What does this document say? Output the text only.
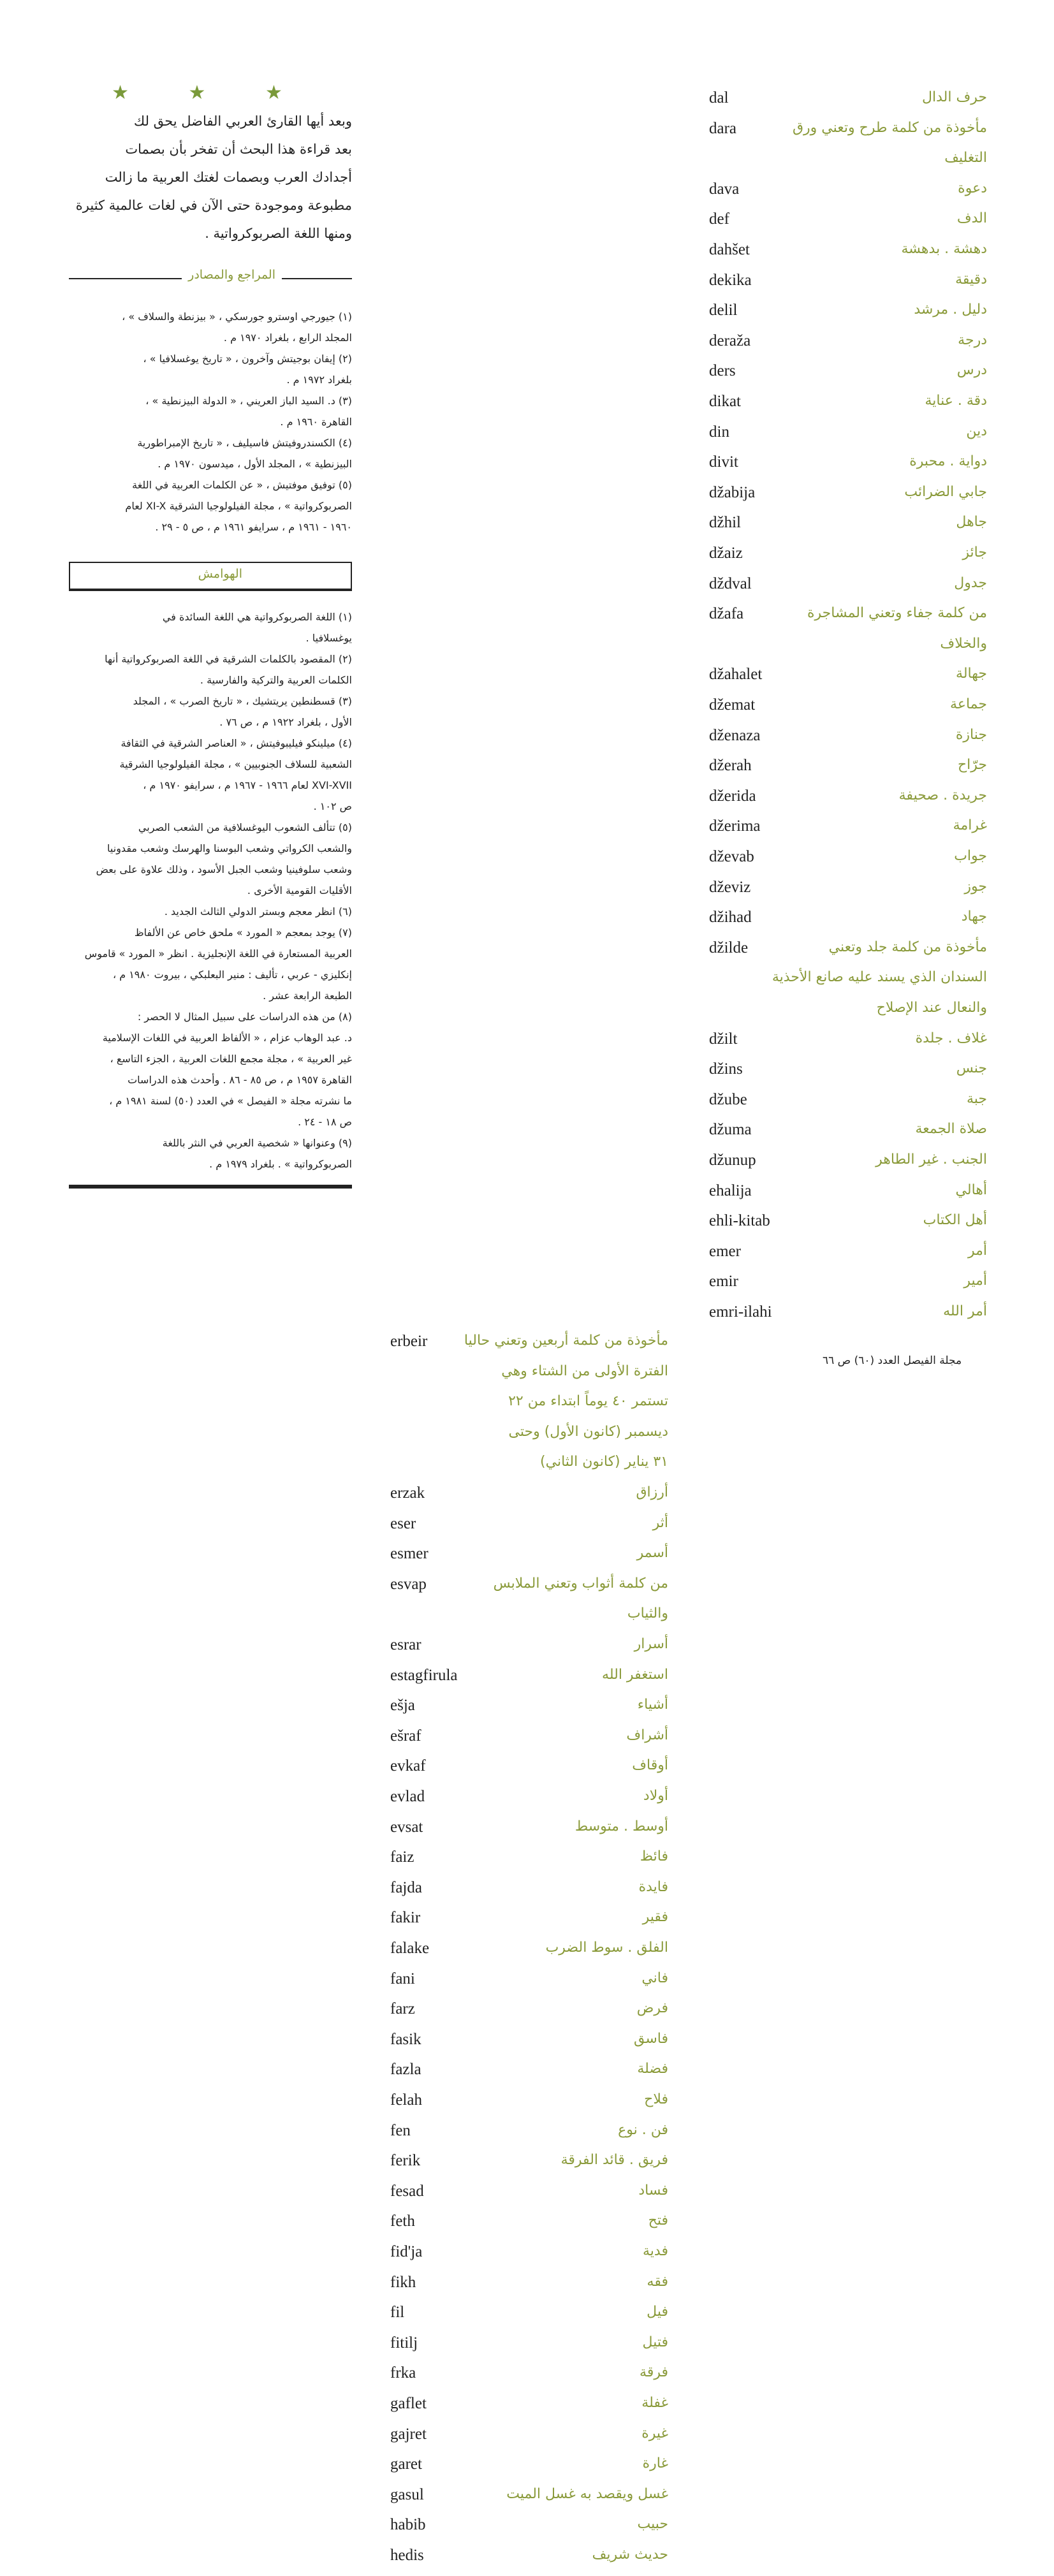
dal	حرف الدال
dara	مأخوذة من كلمة طرح وتعني ورق
التغليف
dava	دعوة
def	الدف
dahšet	دهشة . بدهشة
dekika	دقيقة
delil	دليل . مرشد
deraža	درجة
ders	درس
dikat	دقة . عناية
din	دين
divit	دواية . محبرة
džabija	جابي الضرائب
džhil	جاهل
džaiz	جائز
dždval	جدول
džafa	من كلمة جفاء وتعني المشاجرة
والخلاف
džahalet	جهالة
džemat	جماعة
dženaza	جنازة
džerah	جرّاح
džerida	جريدة . صحيفة
džerima	غرامة
dževab	جواب
dževiz	جوز
džihad	جهاد
džilde	مأخوذة من كلمة جلد وتعني
السندان الذي يسند عليه صانع الأحذية
والنعال عند الإصلاح
džilt	غلاف . جلدة
džins	جنس
džube	جبة
džuma	صلاة الجمعة
džunup	الجنب . غير الطاهر
ehalija	أهالي
ehli-kitab	أهل الكتاب
emer	أمر
emir	أمير
emri-ilahi	أمر الله
erbeir	مأخوذة من كلمة أربعين وتعني حاليا
الفترة الأولى من الشتاء وهي
تستمر ٤٠ يوماً ابتداء من ٢٢
ديسمبر (كانون الأول) وحتى
٣١ يناير (كانون الثاني)
erzak	أرزاق
eser	أثر
esmer	أسمر
esvap	من كلمة أثواب وتعني الملابس
والثياب
esrar	أسرار
estagfirula	استغفر الله
ešja	أشياء
ešraf	أشراف
evkaf	أوقاف
evlad	أولاد
evsat	أوسط . متوسط
faiz	فائظ
fajda	فايدة
fakir	فقير
falake	الفلق . سوط الضرب
fani	فاني
farz	فرض
fasik	فاسق
fazla	فضلة
felah	فلاح
fen	فن . نوع
ferik	فريق . قائد الفرقة
fesad	فساد
feth	فتح
fid'ja	فدية
fikh	فقه
fil	فيل
fitilj	فتيل
frka	فرقة
gaflet	غفلة
gajret	غيرة
garet	غارة
gasul	غسل ويقصد به غسل الميت
habib	حبيب
hedis	حديث شريف
★ ★ ★

وبعد أيها القارئ العربي الفاضل يحق لك

بعد قراءة هذا البحث أن تفخر بأن بصمات

أجدادك العرب وبصمات لغتك العربية ما زالت

مطبوعة وموجودة حتى الآن في لغات عالمية كثيرة

ومنها اللغة الصربوكرواتية .

المراجع والمصادر

(١) جيورجي اوسترو جورسكي ، « بيزنطة والسلاف » ،

المجلد الرابع ، بلغراد ١٩٧٠ م .

(٢) إيفان بوجيتش وآخرون ، « تاريخ يوغسلافيا » ،

بلغراد ١٩٧٢ م .

(٣) د. السيد الباز العريني ، « الدولة البيزنطية » ،

القاهرة ١٩٦٠ م .

(٤) الكسندروفيتش فاسيليف ، « تاريخ الإمبراطورية

البيزنطية » ، المجلد الأول ، ميدسون ١٩٧٠ م .

(٥) توفيق موفتيش ، « عن الكلمات العربية في اللغة

الصربوكرواتية » ، مجلة الفيلولوجيا الشرقية XI-X لعام

١٩٦٠ - ١٩٦١ م ، سرايفو ١٩٦١ م ، ص ٥ - ٢٩ .

الهوامش

(١) اللغة الصربوكرواتية هي اللغة السائدة في

يوغسلافيا .

(٢) المقصود بالكلمات الشرقية في اللغة الصربوكرواتية أنها

الكلمات العربية والتركية والفارسية .

(٣) قسطنطين يريتشيك ، « تاريخ الصرب » ، المجلد

الأول ، بلغراد ١٩٢٢ م ، ص ٧٦ .

(٤) ميلينكو فيليبوفيتش ، « العناصر الشرقية في الثقافة

الشعبية للسلاف الجنوبيين » ، مجلة الفيلولوجيا الشرقية

XVI-XVII لعام ١٩٦٦ - ١٩٦٧ م ، سرايفو ١٩٧٠ م ،

ص ١٠٢ .

(٥) تتألف الشعوب اليوغسلافية من الشعب الصربي

والشعب الكرواتي وشعب البوسنا والهرسك وشعب مقدونيا

وشعب سلوفينيا وشعب الجبل الأسود ، وذلك علاوة على بعض

الأقليات القومية الأخرى .

(٦) انظر معجم وبستر الدولي الثالث الجديد .

(٧) يوجد بمعجم « المورد » ملحق خاص عن الألفاظ

العربية المستعارة في اللغة الإنجليزية . انظر « المورد » قاموس

إنكليزي - عربي ، تأليف : منير البعلبكي ، بيروت ١٩٨٠ م ،

الطبعة الرابعة عشر .

(٨) من هذه الدراسات على سبيل المثال لا الحصر :

د. عبد الوهاب عزام ، « الألفاظ العربية في اللغات الإسلامية

غير العربية » ، مجلة مجمع اللغات العربية ، الجزء التاسع ،

القاهرة ١٩٥٧ م ، ص ٨٥ - ٨٦ . وأحدث هذه الدراسات

ما نشرته مجلة « الفيصل » في العدد (٥٠) لسنة ١٩٨١ م ،

ص ١٨ - ٢٤ .

(٩) وعنوانها « شخصية العربي في النثر باللغة

الصربوكرواتية » . بلغراد ١٩٧٩ م .

مجلة الفيصل العدد (٦٠) ص ٦٦
